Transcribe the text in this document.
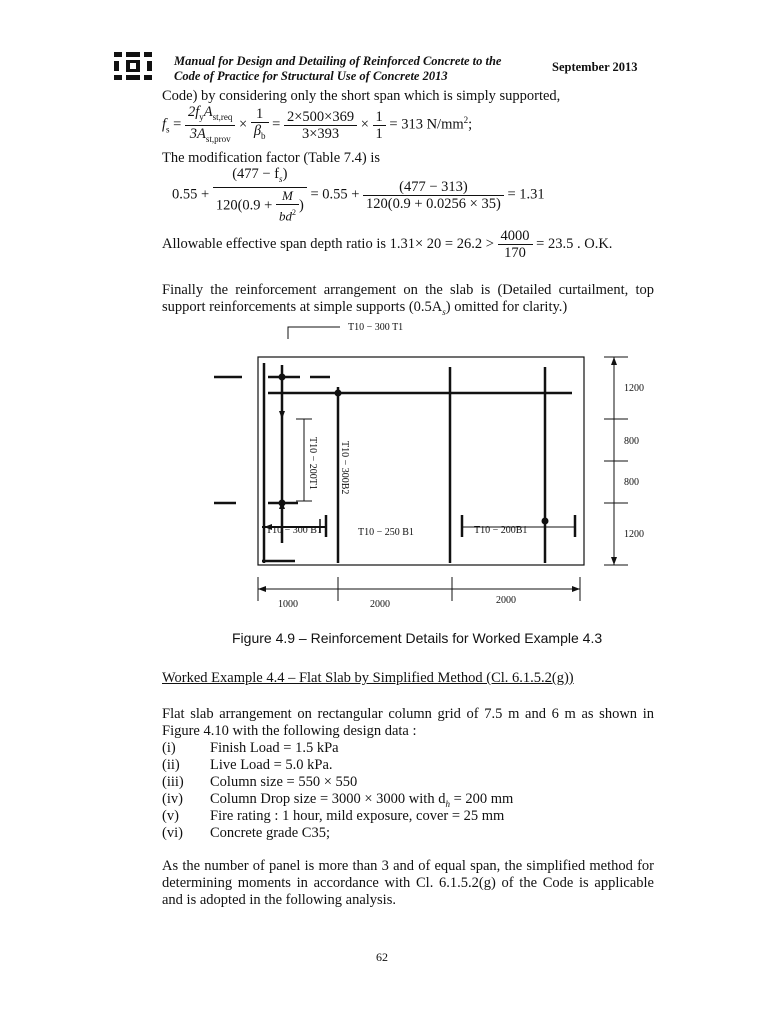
Manual for Design and Detailing of Reinforced Concrete to the
Code of Practice for Structural Use of Concrete 2013
September 2013
Code) by considering only the short span which is simply supported,
$f_s = \frac{2f_yA_{st,req}}{3A_{st,prov}} \times \frac{1}{\beta_b} = \frac{2\times 500\times 369}{3\times 393} \times \frac{1}{1} = 313$ $N/mm^2$;
The modification factor (Table 7.4) is
$0.55 + \frac{(477 - f_s)}{120(0.9 + \frac{M}{bd^2} )} = 0.55 + \frac{(477 - 313)}{120(0.9 + 0.0256 \times 35)} = 1.31$
Allowable effective span depth ratio is $1.31\times 20 = 26.2 > \frac{4000}{170} = 23.5$ . O.K.
Finally the reinforcement arrangement on the slab is (Detailed curtailment, top support reinforcements at simple supports $(0.5A_s)$ omitted for clarity.)
T10 − 300 T1
T10 − 200T1 T10 − 300B2
T10 − 300 B1	T10 − 250 B1	T10 − 200B1
1200
800
800
1200
1000	2000	2000
Figure 4.9 – Reinforcement Details for Worked Example 4.3
Worked Example 4.4 – Flat Slab by Simplified Method (Cl. 6.1.5.2(g))
Flat slab arrangement on rectangular column grid of 7.5 m and 6 m as shown in Figure 4.10 with the following design data :
(i) Finish Load = 1.5 kPa
(ii) Live Load = 5.0 kPa.
(iii) Column size = 550 × 550
(iv) Column Drop size = 3000 × 3000 with $d_h = 200$ mm
(v) Fire rating : 1 hour, mild exposure, cover = 25 mm
(vi) Concrete grade C35;
As the number of panel is more than 3 and of equal span, the simplified method for determining moments in accordance with Cl. 6.1.5.2(g) of the Code is applicable and is adopted in the following analysis.
62
